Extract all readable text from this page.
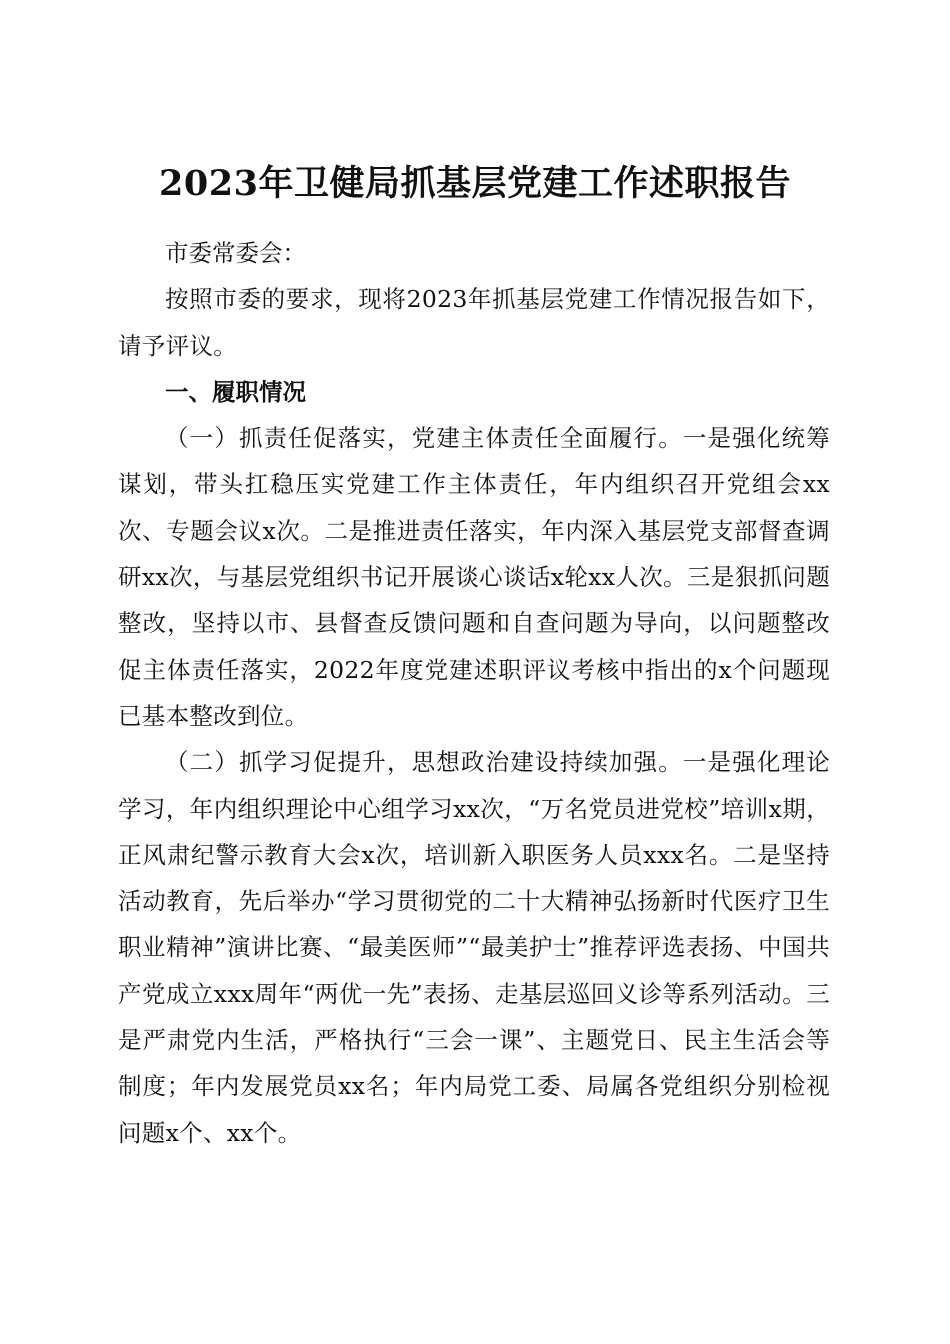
2023年卫健局抓基层党建工作述职报告

市委常委会：

按照市委的要求，现将2023年抓基层党建工作情况报告如下，请予评议。

一、履职情况

（一）抓责任促落实，党建主体责任全面履行。一是强化统筹谋划，带头扛稳压实党建工作主体责任，年内组织召开党组会xx次、专题会议x次。二是推进责任落实，年内深入基层党支部督查调研xx次，与基层党组织书记开展谈心谈话x轮xx人次。三是狠抓问题整改，坚持以市、县督查反馈问题和自查问题为导向，以问题整改促主体责任落实，2022年度党建述职评议考核中指出的x个问题现已基本整改到位。

（二）抓学习促提升，思想政治建设持续加强。一是强化理论学习，年内组织理论中心组学习xx次，“万名党员进党校”培训x期，正风肃纪警示教育大会x次，培训新入职医务人员xxx名。二是坚持活动教育，先后举办“学习贯彻党的二十大精神弘扬新时代医疗卫生职业精神”演讲比赛、“最美医师”“最美护士”推荐评选表扬、中国共产党成立xxx周年“两优一先”表扬、走基层巡回义诊等系列活动。三是严肃党内生活，严格执行“三会一课”、主题党日、民主生活会等制度；年内发展党员xx名；年内局党工委、局属各党组织分别检视问题x个、xx个。
